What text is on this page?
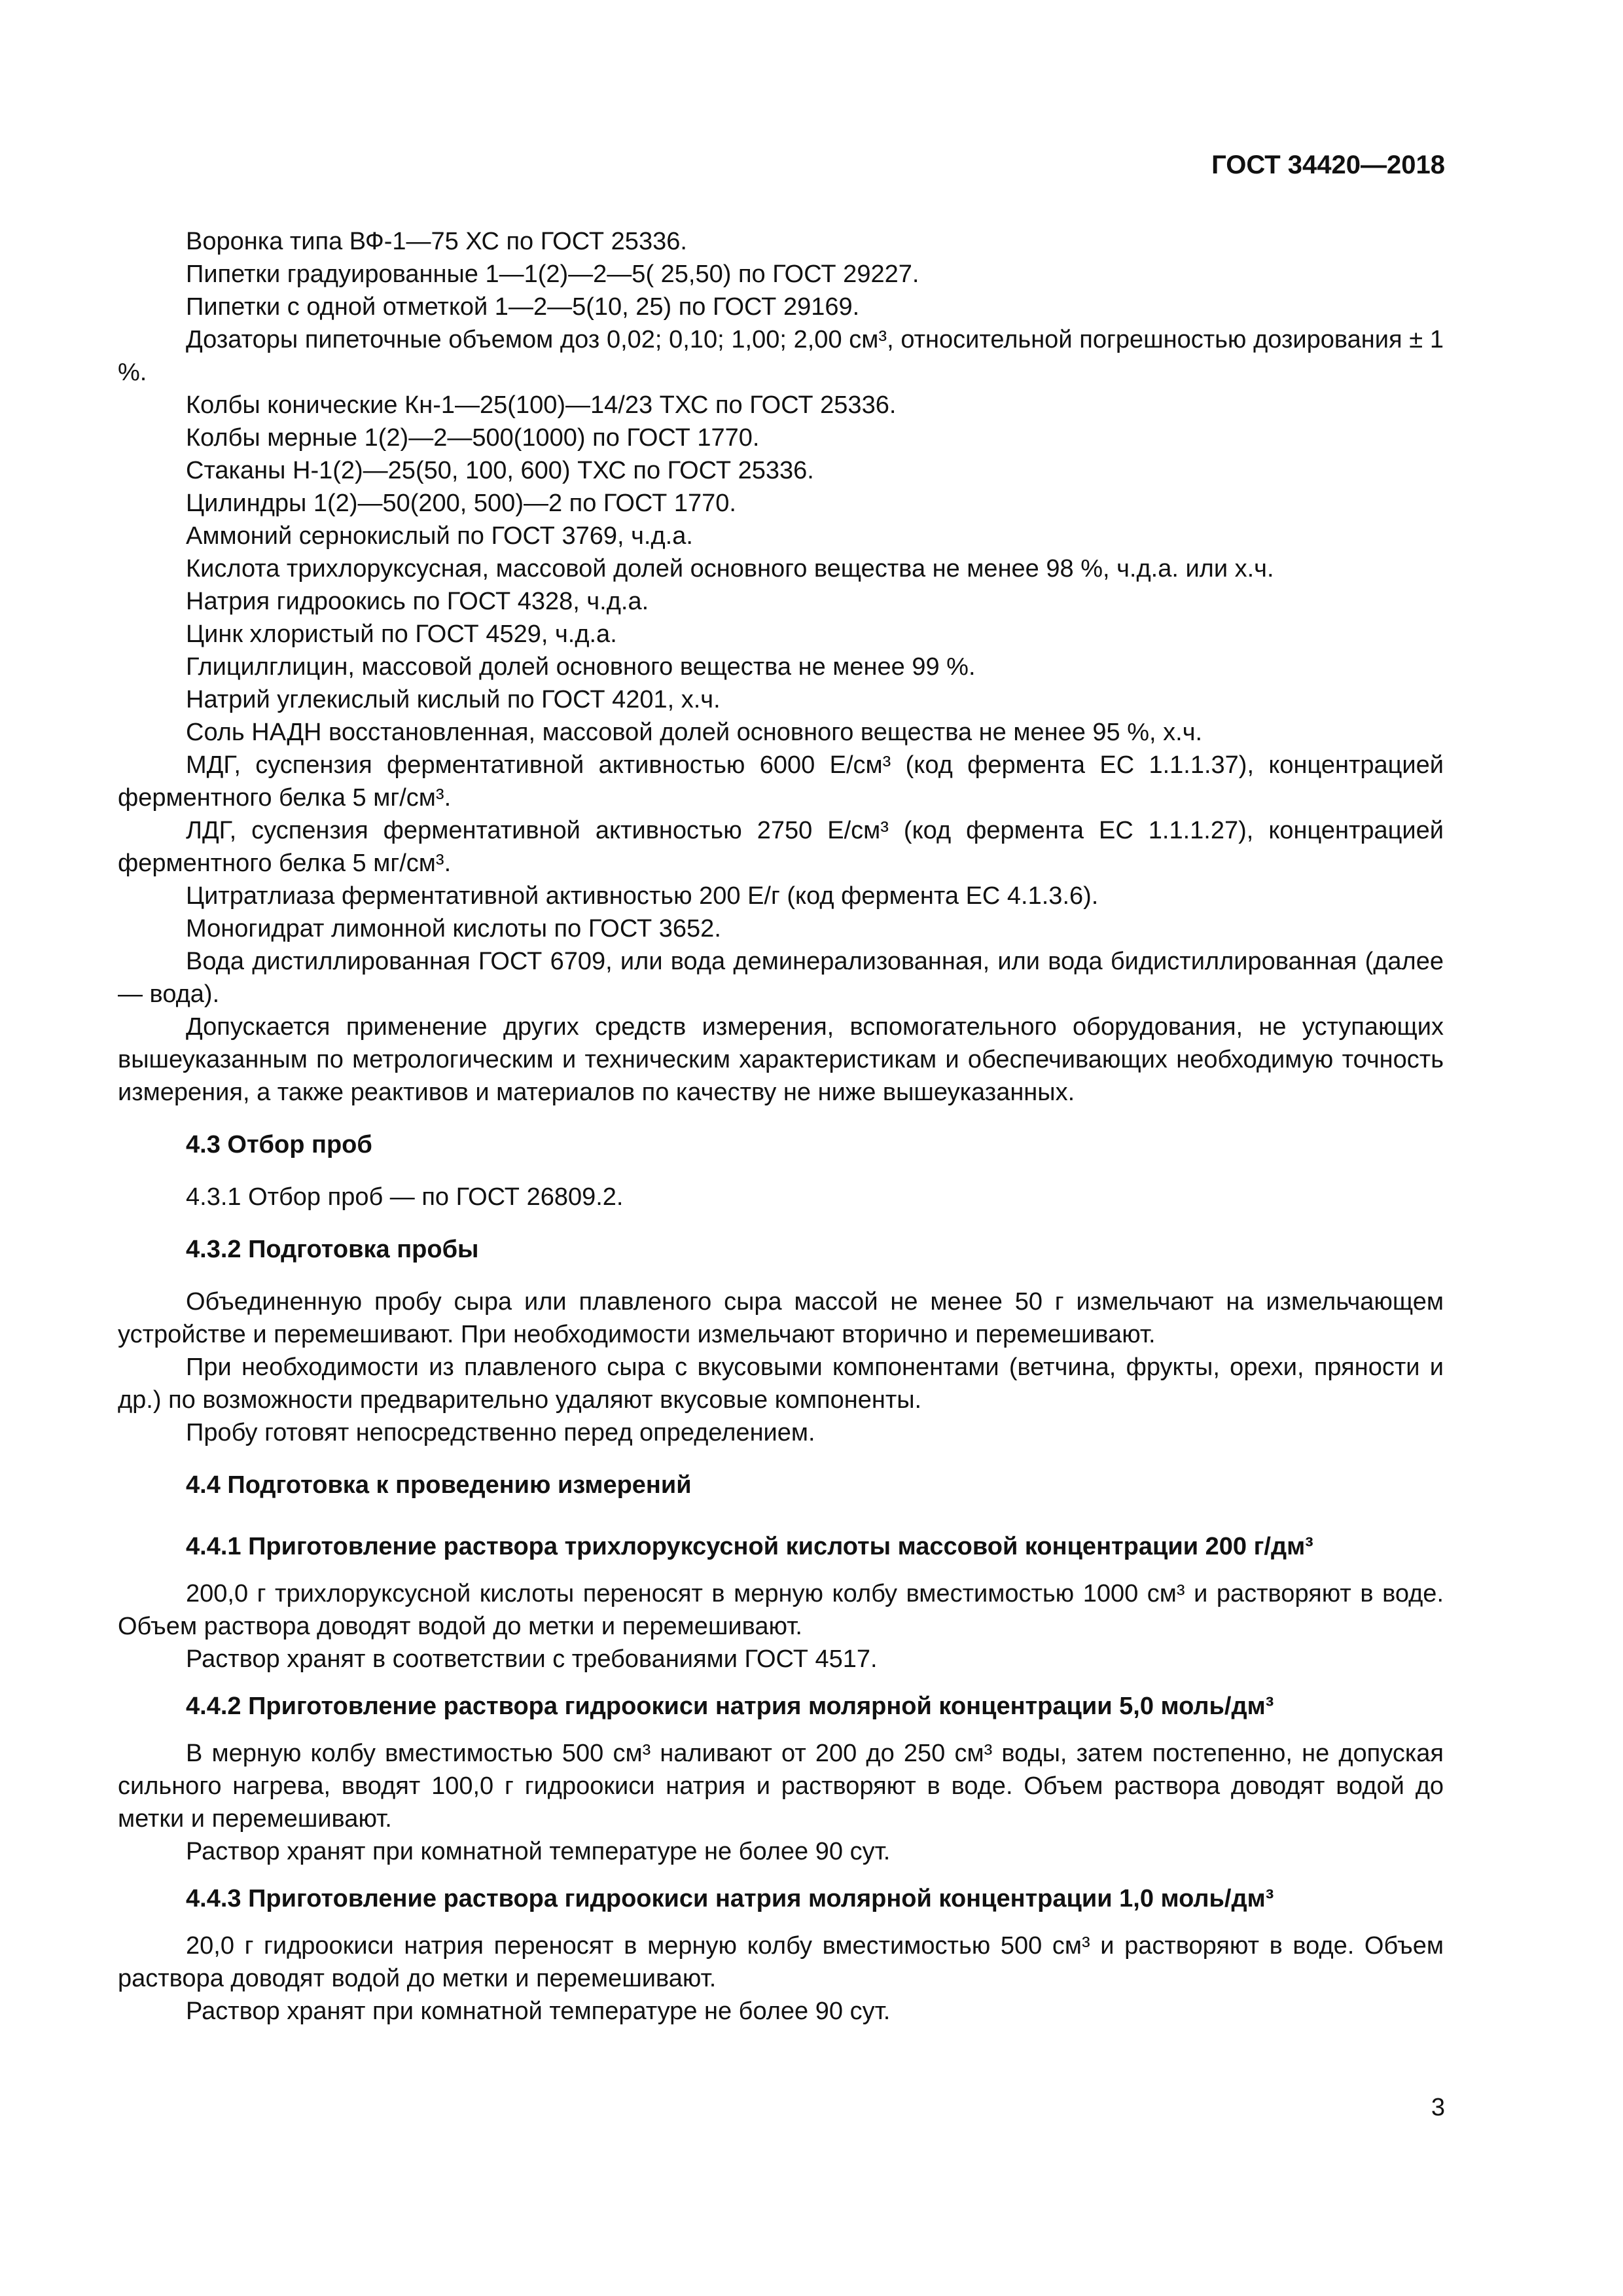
ГОСТ 34420—2018

Воронка типа ВФ-1—75 ХС по ГОСТ 25336.

Пипетки градуированные 1—1(2)—2—5( 25,50) по ГОСТ 29227.

Пипетки с одной отметкой 1—2—5(10, 25) по ГОСТ 29169.

Дозаторы пипеточные объемом доз 0,02; 0,10; 1,00; 2,00 см³, относительной погрешностью дозирования ± 1 %.

Колбы конические Кн-1—25(100)—14/23 ТХС по ГОСТ 25336.

Колбы мерные 1(2)—2—500(1000) по ГОСТ 1770.

Стаканы Н-1(2)—25(50, 100, 600) ТХС по ГОСТ 25336.

Цилиндры 1(2)—50(200, 500)—2 по ГОСТ 1770.

Аммоний сернокислый по ГОСТ 3769, ч.д.а.

Кислота трихлоруксусная, массовой долей основного вещества не менее 98 %, ч.д.а. или х.ч.

Натрия гидроокись по ГОСТ 4328, ч.д.а.

Цинк хлористый по ГОСТ 4529, ч.д.а.

Глицилглицин, массовой долей основного вещества не менее 99 %.

Натрий углекислый кислый по ГОСТ 4201, х.ч.

Соль НАДН восстановленная, массовой долей основного вещества не менее 95 %, х.ч.

МДГ, суспензия ферментативной активностью 6000 Е/см³ (код фермента ЕС 1.1.1.37), концентрацией ферментного белка 5 мг/см³.

ЛДГ, суспензия ферментативной активностью 2750 Е/см³ (код фермента ЕС 1.1.1.27), концентрацией ферментного белка 5 мг/см³.

Цитратлиаза ферментативной активностью 200 Е/г (код фермента ЕС 4.1.3.6).

Моногидрат лимонной кислоты по ГОСТ 3652.

Вода дистиллированная ГОСТ 6709, или вода деминерализованная, или вода бидистиллированная (далее — вода).

Допускается применение других средств измерения, вспомогательного оборудования, не уступающих вышеуказанным по метрологическим и техническим характеристикам и обеспечивающих необходимую точность измерения, а также реактивов и материалов по качеству не ниже вышеуказанных.

4.3 Отбор проб

4.3.1 Отбор проб — по ГОСТ 26809.2.

4.3.2 Подготовка пробы

Объединенную пробу сыра или плавленого сыра массой не менее 50 г измельчают на измельчающем устройстве и перемешивают. При необходимости измельчают вторично и перемешивают.

При необходимости из плавленого сыра с вкусовыми компонентами (ветчина, фрукты, орехи, пряности и др.) по возможности предварительно удаляют вкусовые компоненты.

Пробу готовят непосредственно перед определением.

4.4 Подготовка к проведению измерений

4.4.1 Приготовление раствора трихлоруксусной кислоты массовой концентрации 200 г/дм³

200,0 г трихлоруксусной кислоты переносят в мерную колбу вместимостью 1000 см³ и растворяют в воде. Объем раствора доводят водой до метки и перемешивают.

Раствор хранят в соответствии с требованиями ГОСТ 4517.

4.4.2 Приготовление раствора гидроокиси натрия молярной концентрации 5,0 моль/дм³

В мерную колбу вместимостью 500 см³ наливают от 200 до 250 см³ воды, затем постепенно, не допуская сильного нагрева, вводят 100,0 г гидроокиси натрия и растворяют в воде. Объем раствора доводят водой до метки и перемешивают.

Раствор хранят при комнатной температуре не более 90 сут.

4.4.3 Приготовление раствора гидроокиси натрия молярной концентрации 1,0 моль/дм³

20,0 г гидроокиси натрия переносят в мерную колбу вместимостью 500 см³ и растворяют в воде. Объем раствора доводят водой до метки и перемешивают.

Раствор хранят при комнатной температуре не более 90 сут.

3
